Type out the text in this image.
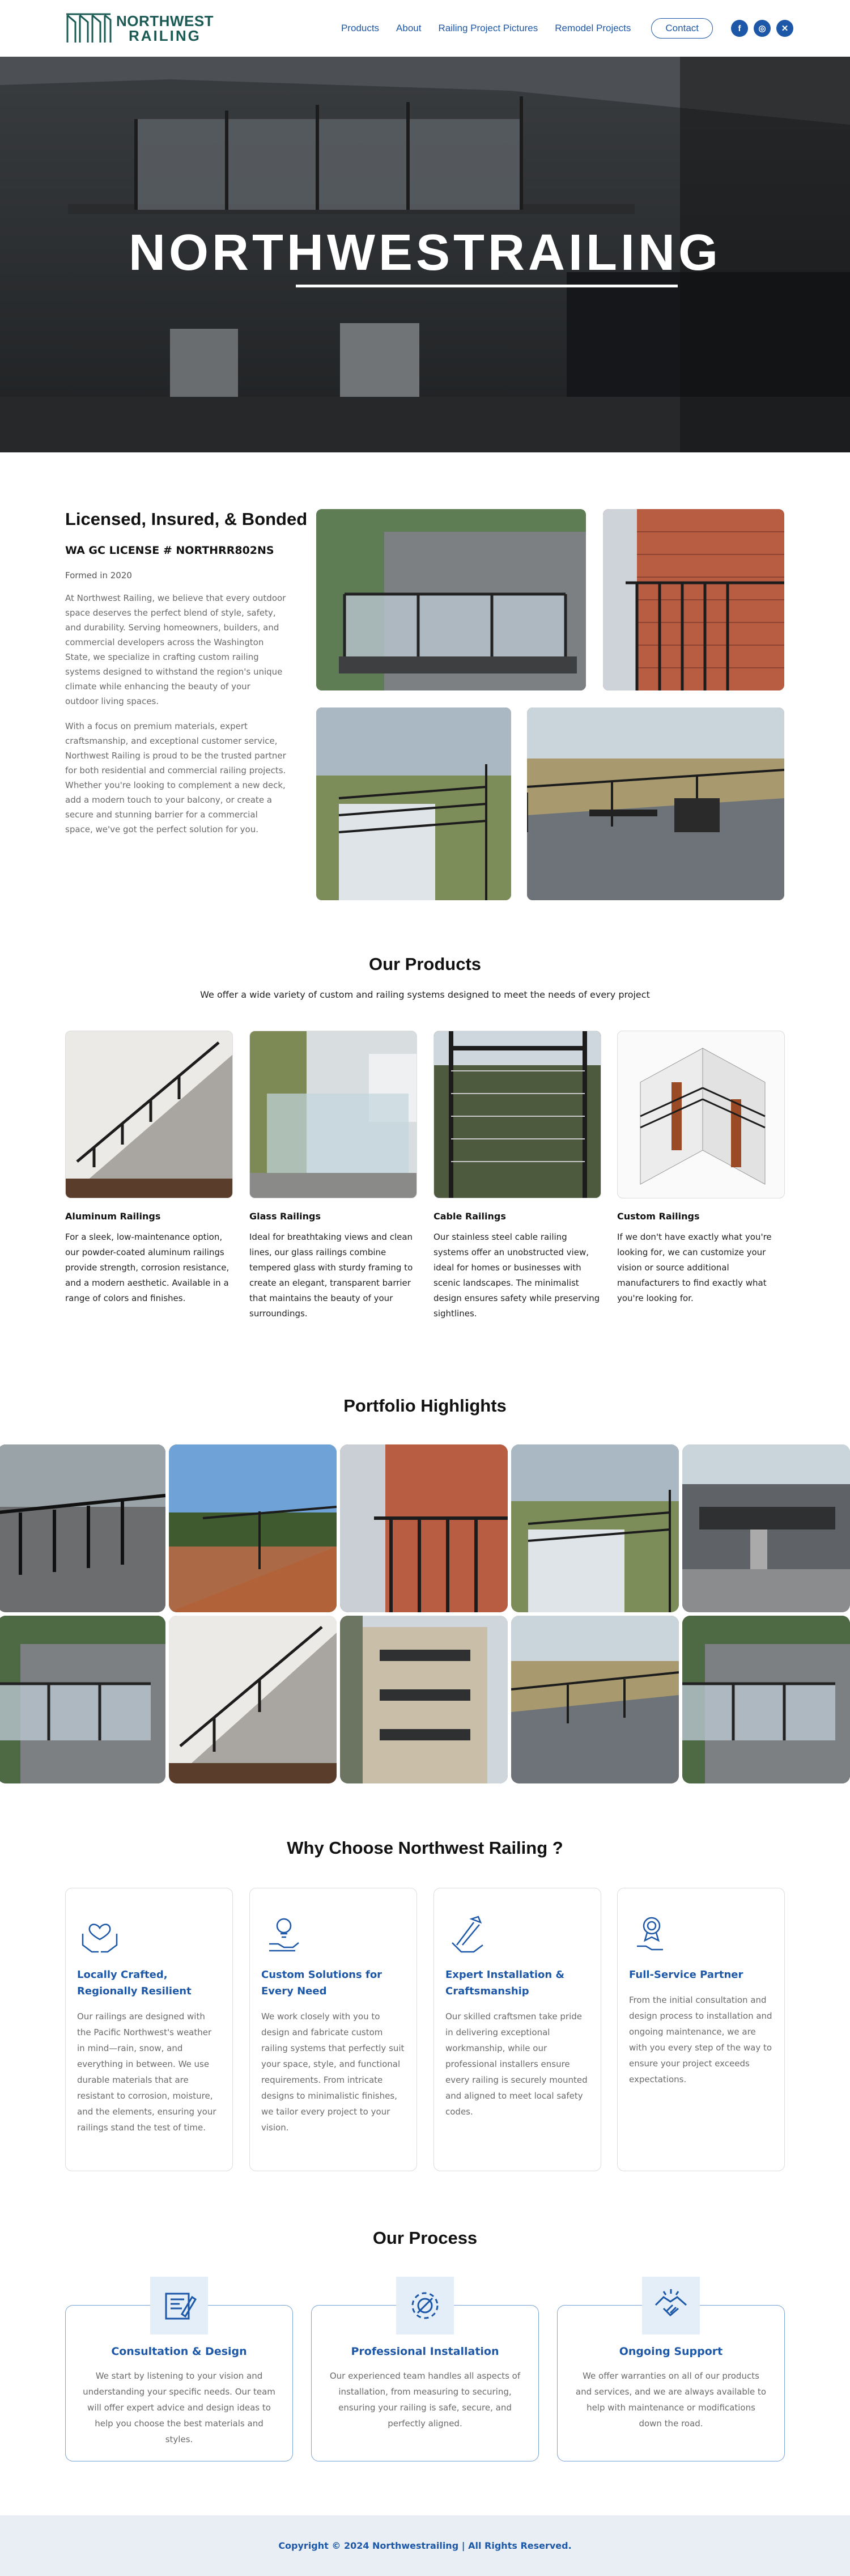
NORTHWEST
RAILING	Products About Railing Project Pictures Remodel Projects	Contact	f	◎	✕
NORTHWESTRAILING
Licensed, Insured, & Bonded
WA GC LICENSE # NORTHRR802NS
Formed in 2020

At Northwest Railing, we believe that every outdoor space deserves the perfect blend of style, safety, and durability. Serving homeowners, builders, and commercial developers across the Washington State, we specialize in crafting custom railing systems designed to withstand the region's unique climate while enhancing the beauty of your outdoor living spaces.

With a focus on premium materials, expert craftsmanship, and exceptional customer service, Northwest Railing is proud to be the trusted partner for both residential and commercial railing projects. Whether you're looking to complement a new deck, add a modern touch to your balcony, or create a secure and stunning barrier for a commercial space, we've got the perfect solution for you.

Our Products
We offer a wide variety of custom and railing systems designed to meet the needs of every project
Aluminum Railings

For a sleek, low-maintenance option, our powder-coated aluminum railings provide strength, corrosion resistance, and a modern aesthetic. Available in a range of colors and finishes.

Glass Railings

Ideal for breathtaking views and clean lines, our glass railings combine tempered glass with sturdy framing to create an elegant, transparent barrier that maintains the beauty of your surroundings.

Cable Railings

Our stainless steel cable railing systems offer an unobstructed view, ideal for homes or businesses with scenic landscapes. The minimalist design ensures safety while preserving sightlines.

Custom Railings

If we don't have exactly what you're looking for, we can customize your vision or source additional manufacturers to find exactly what you're looking for.

Portfolio Highlights
Why Choose Northwest Railing ?
Locally Crafted, Regionally Resilient

Our railings are designed with the Pacific Northwest's weather in mind—rain, snow, and everything in between. We use durable materials that are resistant to corrosion, moisture, and the elements, ensuring your railings stand the test of time.

Custom Solutions for Every Need

We work closely with you to design and fabricate custom railing systems that perfectly suit your space, style, and functional requirements. From intricate designs to minimalistic finishes, we tailor every project to your vision.

Expert Installation & Craftsmanship

Our skilled craftsmen take pride in delivering exceptional workmanship, while our professional installers ensure every railing is securely mounted and aligned to meet local safety codes.

Full-Service Partner

From the initial consultation and design process to installation and ongoing maintenance, we are with you every step of the way to ensure your project exceeds expectations.

Our Process
Consultation & Design

We start by listening to your vision and understanding your specific needs. Our team will offer expert advice and design ideas to help you choose the best materials and styles.

Professional Installation

Our experienced team handles all aspects of installation, from measuring to securing, ensuring your railing is safe, secure, and perfectly aligned.

Ongoing Support

We offer warranties on all of our products and services, and we are always available to help with maintenance or modifications down the road.

Copyright © 2024 Northwestrailing | All Rights Reserved.
